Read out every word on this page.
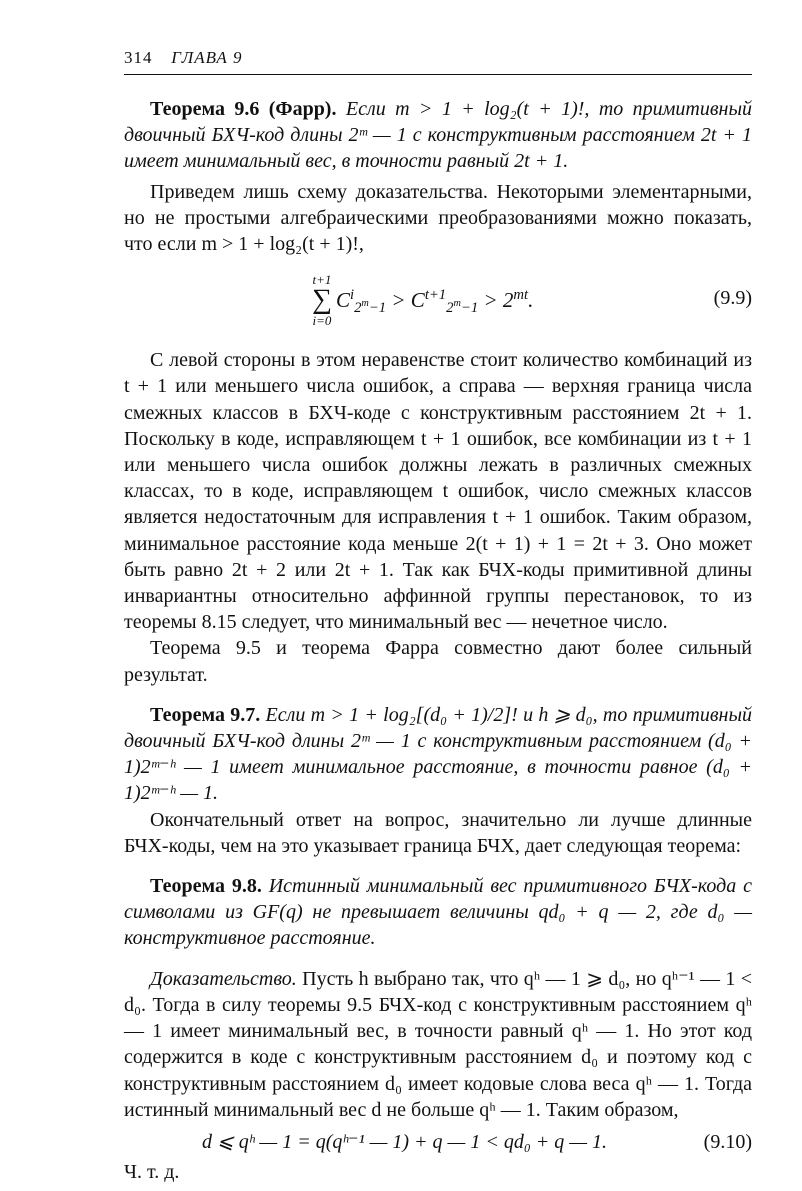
314 ГЛАВА 9

Теорема 9.6 (Фарр). Если m > 1 + log₂(t + 1)!, то примитивный двоичный БХЧ-код длины 2ᵐ — 1 с конструктивным расстоянием 2t + 1 имеет минимальный вес, в точности равный 2t + 1.

Приведем лишь схему доказательства. Некоторыми элементарными, но не простыми алгебраическими преобразованиями можно показать, что если m > 1 + log₂(t + 1)!,

t+1
∑
i=0
$C^i_{2^m-1} > C^{t+1}_{2^m-1} > 2^{mt}$.	(9.9)

С левой стороны в этом неравенстве стоит количество комбинаций из t + 1 или меньшего числа ошибок, а справа — верхняя граница числа смежных классов в БХЧ-коде с конструктивным расстоянием 2t + 1. Поскольку в коде, исправляющем t + 1 ошибок, все комбинации из t + 1 или меньшего числа ошибок должны лежать в различных смежных классах, то в коде, исправляющем t ошибок, число смежных классов является недостаточным для исправления t + 1 ошибок. Таким образом, минимальное расстояние кода меньше 2(t + 1) + 1 = 2t + 3. Оно может быть равно 2t + 2 или 2t + 1. Так как БЧХ-коды примитивной длины инвариантны относительно аффинной группы перестановок, то из теоремы 8.15 следует, что минимальный вес — нечетное число.

Теорема 9.5 и теорема Фарра совместно дают более сильный результат.

Теорема 9.7. Если m > 1 + log₂[(d₀ + 1)/2]! и h ⩾ d₀, то примитивный двоичный БХЧ-код длины 2ᵐ — 1 с конструктивным расстоянием (d₀ + 1)2ᵐ⁻ʰ — 1 имеет минимальное расстояние, в точности равное (d₀ + 1)2ᵐ⁻ʰ — 1.

Окончательный ответ на вопрос, значительно ли лучше длинные БЧХ-коды, чем на это указывает граница БЧХ, дает следующая теорема:

Теорема 9.8. Истинный минимальный вес примитивного БЧХ-кода с символами из GF(q) не превышает величины qd₀ + q — 2, где d₀ — конструктивное расстояние.

Доказательство. Пусть h выбрано так, что qʰ — 1 ⩾ d₀, но qʰ⁻¹ — 1 < d₀. Тогда в силу теоремы 9.5 БЧХ-код с конструктивным расстоянием qʰ — 1 имеет минимальный вес, в точности равный qʰ — 1. Но этот код содержится в коде с конструктивным расстоянием d₀ и поэтому код с конструктивным расстоянием d₀ имеет кодовые слова веса qʰ — 1. Тогда истинный минимальный вес d не больше qʰ — 1. Таким образом,

d ⩽ qʰ — 1 = q(qʰ⁻¹ — 1) + q — 1 < qd₀ + q — 1.	(9.10)

Ч. т. д.
